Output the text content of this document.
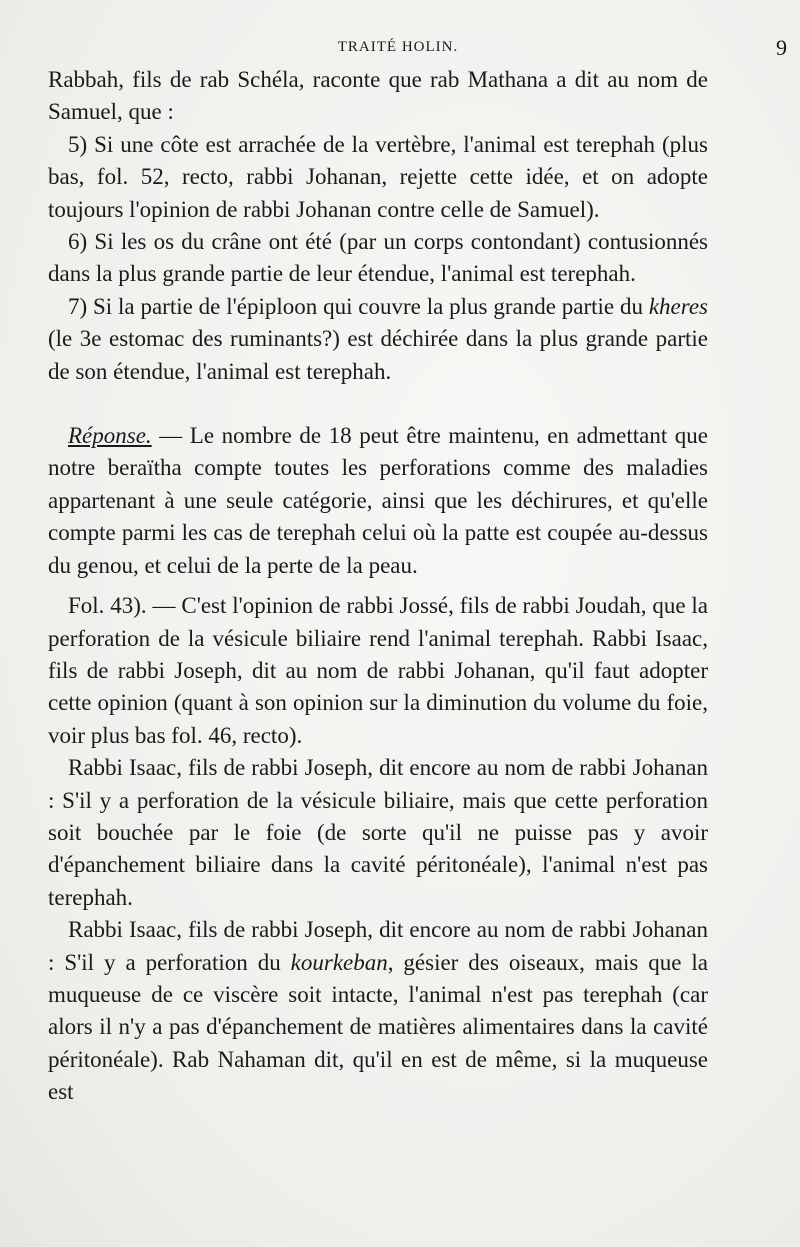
TRAITÉ HOLIN.	9

Rabbah, fils de rab Schéla, raconte que rab Mathana a dit au nom de Samuel, que :

5) Si une côte est arrachée de la vertèbre, l'animal est terephah (plus bas, fol. 52, recto, rabbi Johanan, rejette cette idée, et on adopte toujours l'opinion de rabbi Johanan contre celle de Samuel).

6) Si les os du crâne ont été (par un corps contondant) contusionnés dans la plus grande partie de leur étendue, l'animal est terephah.

7) Si la partie de l'épiploon qui couvre la plus grande partie du kheres (le 3e estomac des ruminants?) est déchirée dans la plus grande partie de son étendue, l'animal est terephah.

Réponse. — Le nombre de 18 peut être maintenu, en admettant que notre beraïtha compte toutes les perforations comme des maladies appartenant à une seule catégorie, ainsi que les déchirures, et qu'elle compte parmi les cas de terephah celui où la patte est coupée au-dessus du genou, et celui de la perte de la peau.

Fol. 43). — C'est l'opinion de rabbi Jossé, fils de rabbi Joudah, que la perforation de la vésicule biliaire rend l'animal terephah. Rabbi Isaac, fils de rabbi Joseph, dit au nom de rabbi Johanan, qu'il faut adopter cette opinion (quant à son opinion sur la diminution du volume du foie, voir plus bas fol. 46, recto).

Rabbi Isaac, fils de rabbi Joseph, dit encore au nom de rabbi Johanan : S'il y a perforation de la vésicule biliaire, mais que cette perforation soit bouchée par le foie (de sorte qu'il ne puisse pas y avoir d'épanchement biliaire dans la cavité péritonéale), l'animal n'est pas terephah.

Rabbi Isaac, fils de rabbi Joseph, dit encore au nom de rabbi Johanan : S'il y a perforation du kourkeban, gésier des oiseaux, mais que la muqueuse de ce viscère soit intacte, l'animal n'est pas terephah (car alors il n'y a pas d'épanchement de matières alimentaires dans la cavité péritonéale). Rab Nahaman dit, qu'il en est de même, si la muqueuse est
